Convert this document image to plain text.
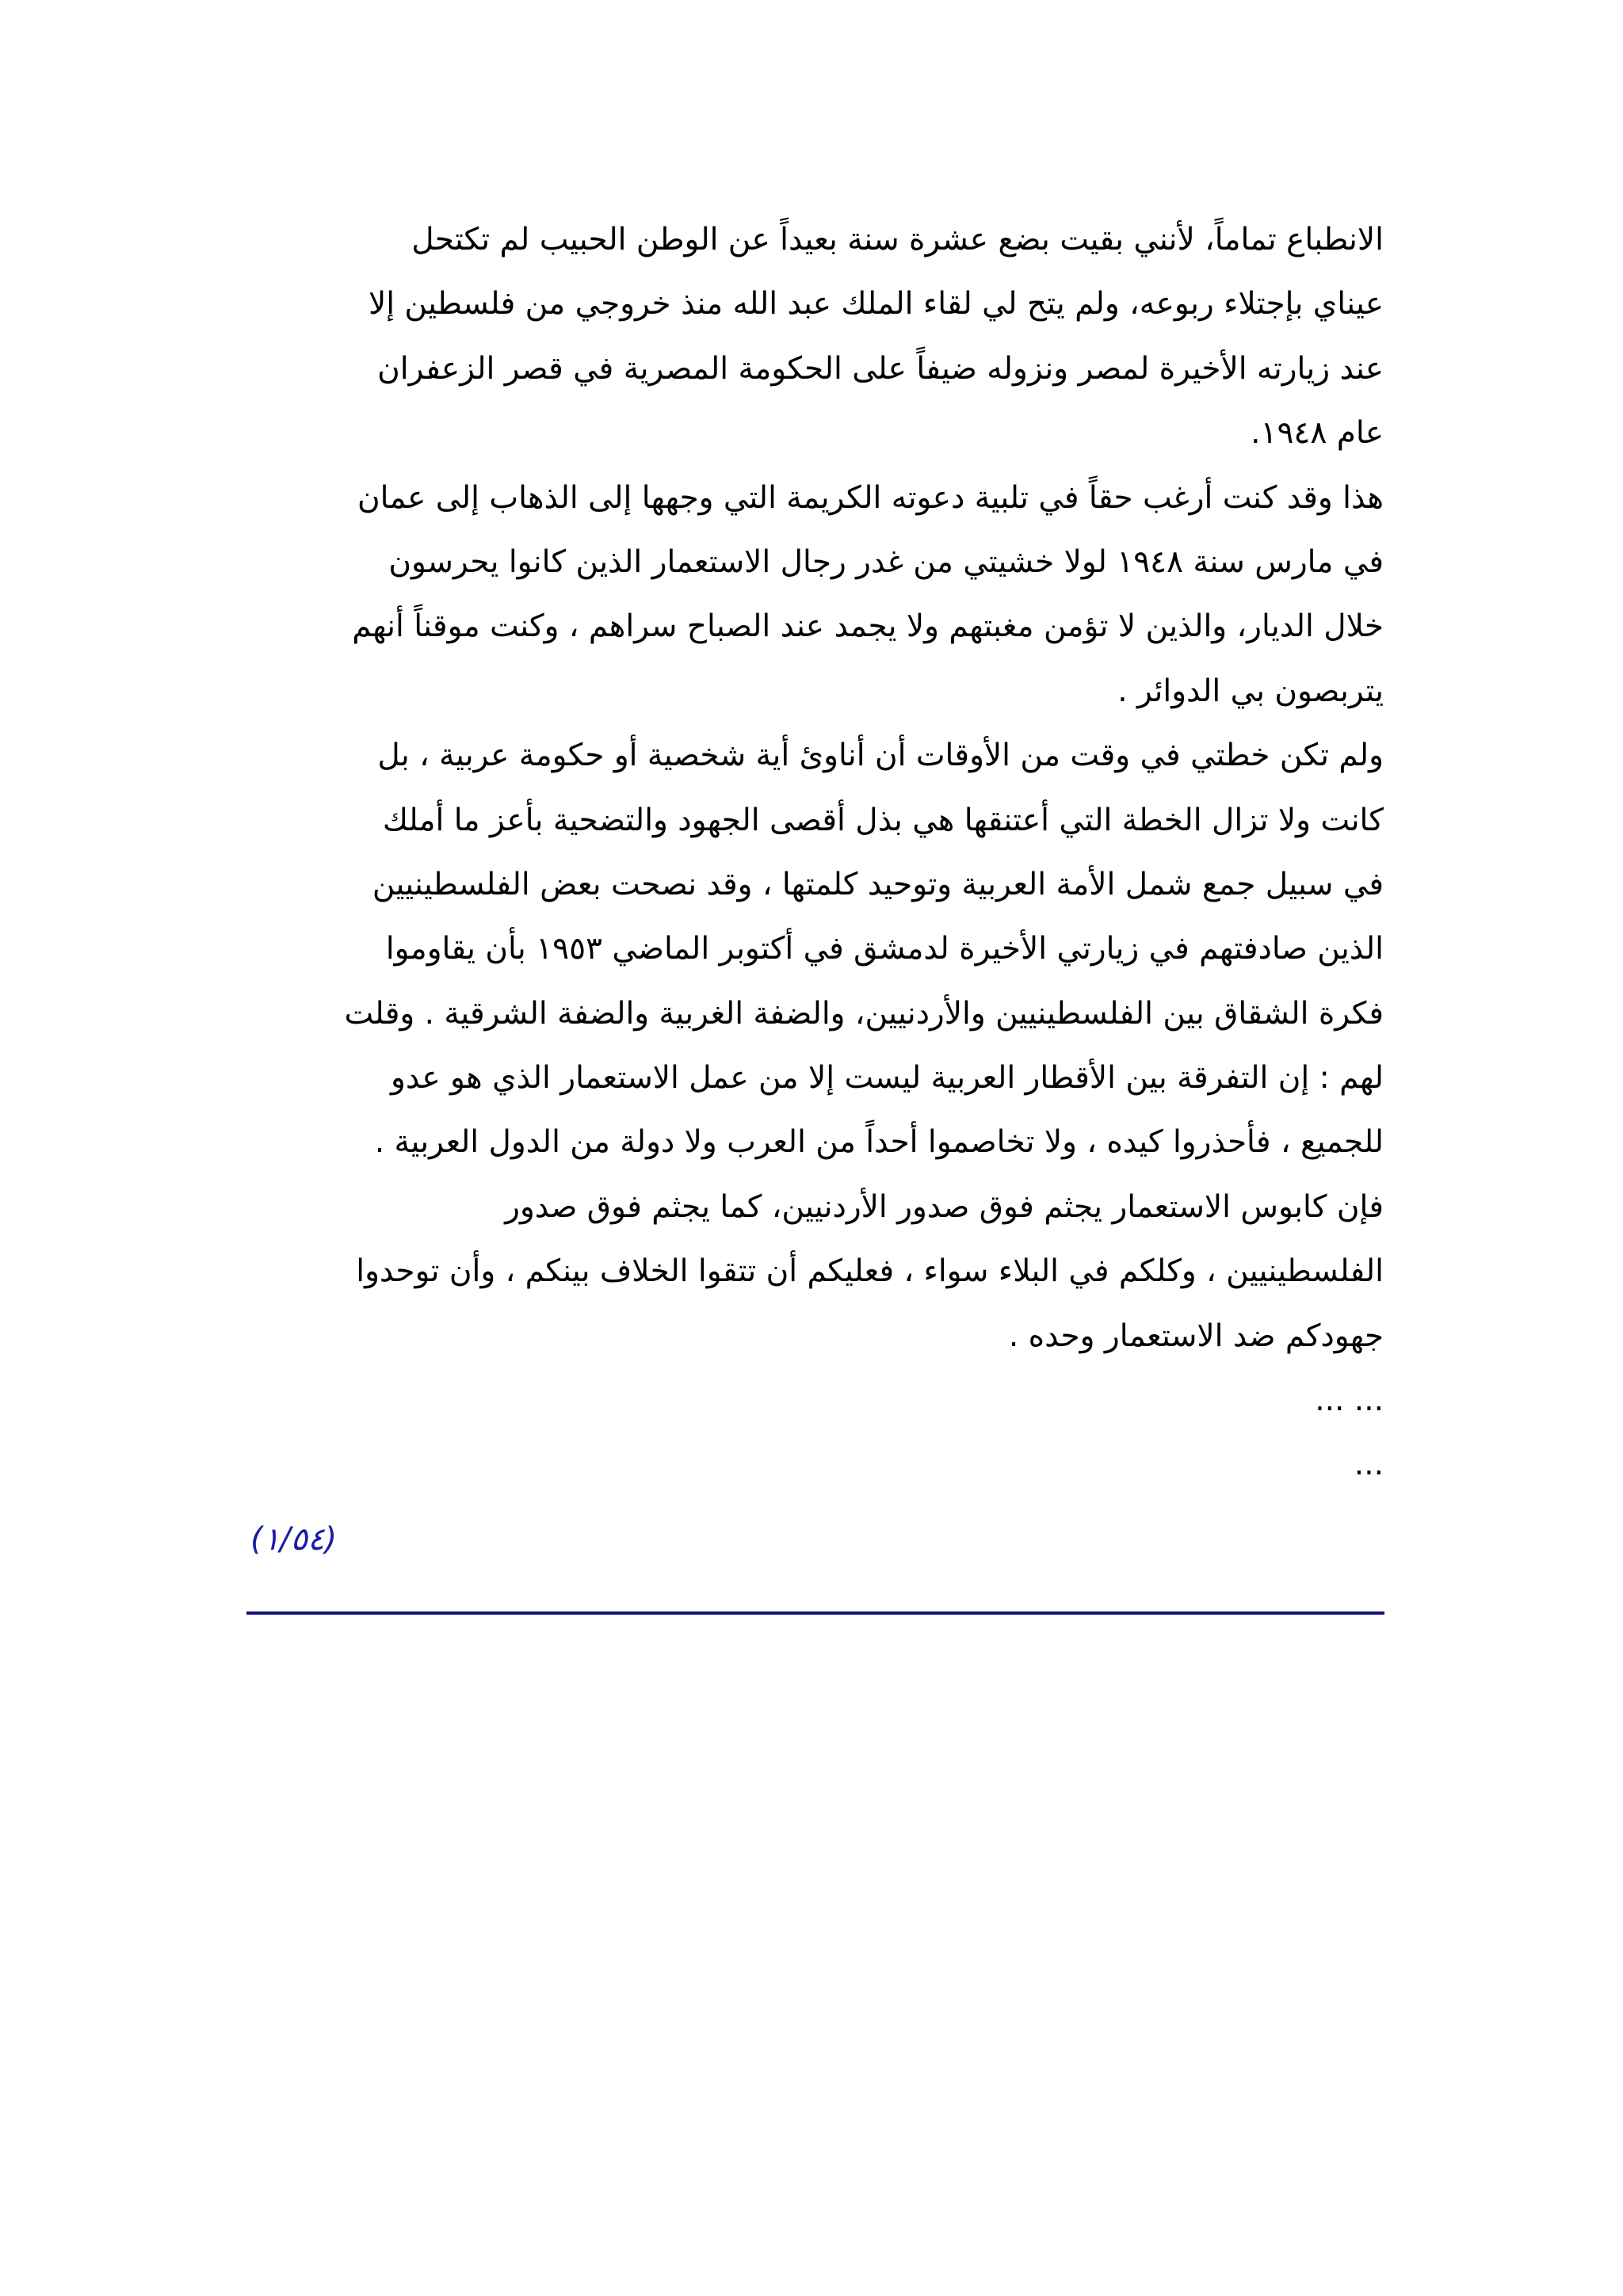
الانطباع تماماً، لأنني بقيت بضع عشرة سنة بعيداً عن الوطن الحبيب لم تكتحل
عيناي بإجتلاء ربوعه، ولم يتح لي لقاء الملك عبد الله منذ خروجي من فلسطين إلا
عند زيارته الأخيرة لمصر ونزوله ضيفاً على الحكومة المصرية في قصر الزعفران
عام ١٩٤٨.
هذا وقد كنت أرغب حقاً في تلبية دعوته الكريمة التي وجهها إلى الذهاب إلى عمان
في مارس سنة ١٩٤٨ لولا خشيتي من غدر رجال الاستعمار الذين كانوا يحرسون
خلال الديار، والذين لا تؤمن مغبتهم ولا يجمد عند الصباح سراهم ، وكنت موقناً أنهم
يتربصون بي الدوائر .
ولم تكن خطتي في وقت من الأوقات أن أناوئ أية شخصية أو حكومة عربية ، بل
كانت ولا تزال الخطة التي أعتنقها هي بذل أقصى الجهود والتضحية بأعز ما أملك
في سبيل جمع شمل الأمة العربية وتوحيد كلمتها ، وقد نصحت بعض الفلسطينيين
الذين صادفتهم في زيارتي الأخيرة لدمشق في أكتوبر الماضي ١٩٥٣ بأن يقاوموا
فكرة الشقاق بين الفلسطينيين والأردنيين، والضفة الغربية والضفة الشرقية . وقلت
لهم : إن التفرقة بين الأقطار العربية ليست إلا من عمل الاستعمار الذي هو عدو
للجميع ، فأحذروا كيده ، ولا تخاصموا أحداً من العرب ولا دولة من الدول العربية .
فإن كابوس الاستعمار يجثم فوق صدور الأردنيين، كما يجثم فوق صدور
الفلسطينيين ، وكلكم في البلاء سواء ، فعليكم أن تتقوا الخلاف بينكم ، وأن توحدوا
جهودكم ضد الاستعمار وحده .
... ...
...
(١/٥٤)
